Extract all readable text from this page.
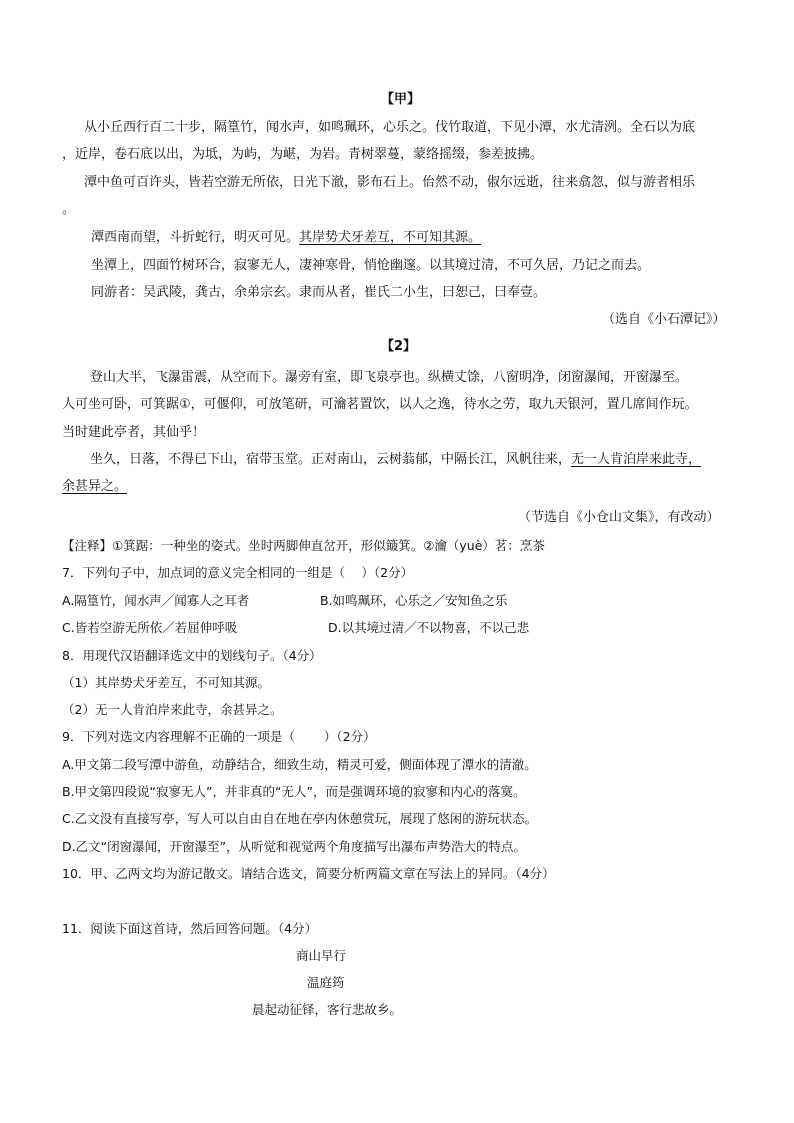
【甲】
从小丘西行百二十步，隔篁竹，闻水声，如鸣珮环，心乐之。伐竹取道，下见小潭，水尤清洌。全石以为底
，近岸，卷石底以出，为坻，为屿，为嵁，为岩。青树翠蔓，蒙络摇缀，参差披拂。
潭中鱼可百许头，皆若空游无所依，日光下澈，影布石上。佁然不动，俶尔远逝，往来翕忽，似与游者相乐
。
潭西南而望，斗折蛇行，明灭可见。其岸势犬牙差互，不可知其源。
坐潭上，四面竹树环合，寂寥无人，凄神寒骨，悄怆幽邃。以其境过清，不可久居，乃记之而去。
同游者：吴武陵，龚古，余弟宗玄。隶而从者，崔氏二小生，曰恕己，曰奉壹。
（选自《小石潭记》）
【2】
登山大半，飞瀑雷震，从空而下。瀑旁有室，即飞泉亭也。纵横丈馀，八窗明净，闭窗瀑闻，开窗瀑至。
人可坐可卧，可箕踞①，可偃仰，可放笔研，可瀹茗置饮，以人之逸，待水之劳，取九天银河，置几席间作玩。
当时建此亭者，其仙乎！
坐久，日落，不得已下山，宿带玉堂。正对南山，云树蓊郁，中隔长江，风帆往来，无一人肯泊岸来此寺，
余甚异之。
（节选自《小仓山文集》，有改动）
【注释】①箕踞：一种坐的姿式。坐时两脚伸直岔开，形似簸箕。②瀹（yuè）茗：烹茶
7．下列句子中，加点词的意义完全相同的一组是（　 ）（2分）
A.隔篁竹，闻水声／闻寡人之耳者	B.如鸣珮环，心乐之／安知鱼之乐
C.皆若空游无所依／若屈伸呼吸	D.以其境过清／不以物喜，不以己悲
8．用现代汉语翻译选文中的划线句子。（4分）
（1）其岸势犬牙差互，不可知其源。
（2）无一人肯泊岸来此寺，余甚异之。
9．下列对选文内容理解不正确的一项是（　　 ）（2分）
A.甲文第二段写潭中游鱼，动静结合，细致生动，精灵可爱，侧面体现了潭水的清澈。
B.甲文第四段说“寂寥无人”，并非真的“无人”，而是强调环境的寂寥和内心的落寞。
C.乙文没有直接写亭，写人可以自由自在地在亭内休憩赏玩，展现了悠闲的游玩状态。
D.乙文“闭窗瀑闻，开窗瀑至”，从听觉和视觉两个角度描写出瀑布声势浩大的特点。
10．甲、乙两文均为游记散文。请结合选文，简要分析两篇文章在写法上的异同。（4分）
11．阅读下面这首诗，然后回答问题。（4分）
商山早行
温庭筠
晨起动征铎，客行悲故乡。
